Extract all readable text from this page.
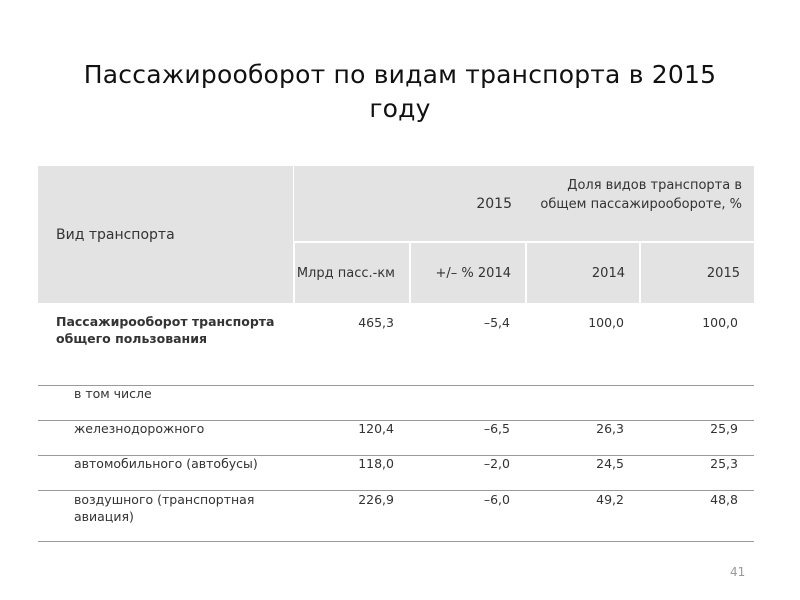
Пассажирооборот по видам транспорта в 2015 году
Вид транспорта	2015		Доля видов транспорта в общем пассажирообороте, %	

	Млрд пасс.-км	+/– % 2014	2014	2015
Пассажирооборот транспорта общего пользования	465,3	–5,4	100,0	100,0
в том числе				
железнодорожного	120,4	–6,5	26,3	25,9
автомобильного (автобусы)	118,0	–2,0	24,5	25,3
воздушного (транспортная авиация)	226,9	–6,0	49,2	48,8
41
